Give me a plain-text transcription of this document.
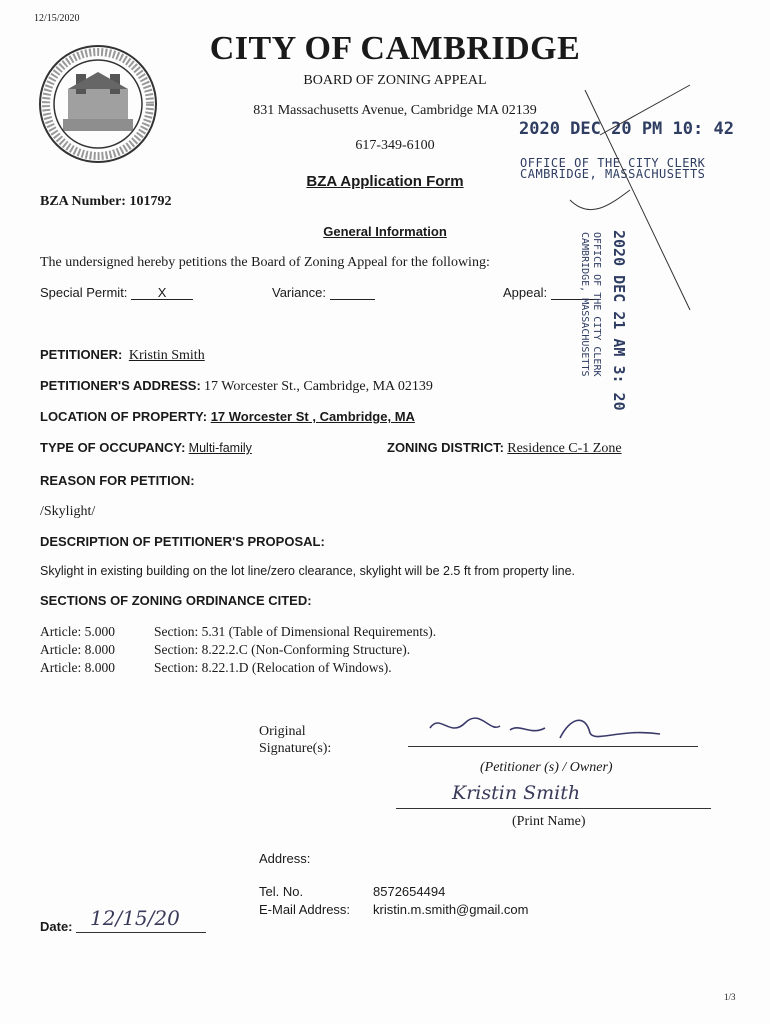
12/15/2020
CITY OF CAMBRIDGE
BOARD OF ZONING APPEAL
831 Massachusetts Avenue, Cambridge MA 02139
617-349-6100
BZA Application Form
BZA Number: 101792
General Information
The undersigned hereby petitions the Board of Zoning Appeal for the following:
Special Permit: X	Variance:	Appeal:
PETITIONER: Kristin Smith
PETITIONER'S ADDRESS: 17 Worcester St., Cambridge, MA 02139
LOCATION OF PROPERTY: 17 Worcester St , Cambridge, MA
TYPE OF OCCUPANCY: Multi-family	ZONING DISTRICT: Residence C-1 Zone
REASON FOR PETITION:
/Skylight/
DESCRIPTION OF PETITIONER'S PROPOSAL:
Skylight in existing building on the lot line/zero clearance, skylight will be 2.5 ft from property line.
SECTIONS OF ZONING ORDINANCE CITED:
Article: 5.000	Section: 5.31 (Table of Dimensional Requirements).
Article: 8.000	Section: 8.22.2.C (Non-Conforming Structure).
Article: 8.000	Section: 8.22.1.D (Relocation of Windows).
Original
Signature(s):
(Petitioner (s) / Owner)
Kristin Smith
(Print Name)
Address:
Tel. No.	8572654494
E-Mail Address: kristin.m.smith@gmail.com
Date: 12/15/20
1/3
2020 DEC 20 PM 10: 42
OFFICE OF THE CITY CLERK
CAMBRIDGE, MASSACHUSETTS
2020 DEC 21 AM 3: 20
OFFICE OF THE CITY CLERK
CAMBRIDGE, MASSACHUSETTS
